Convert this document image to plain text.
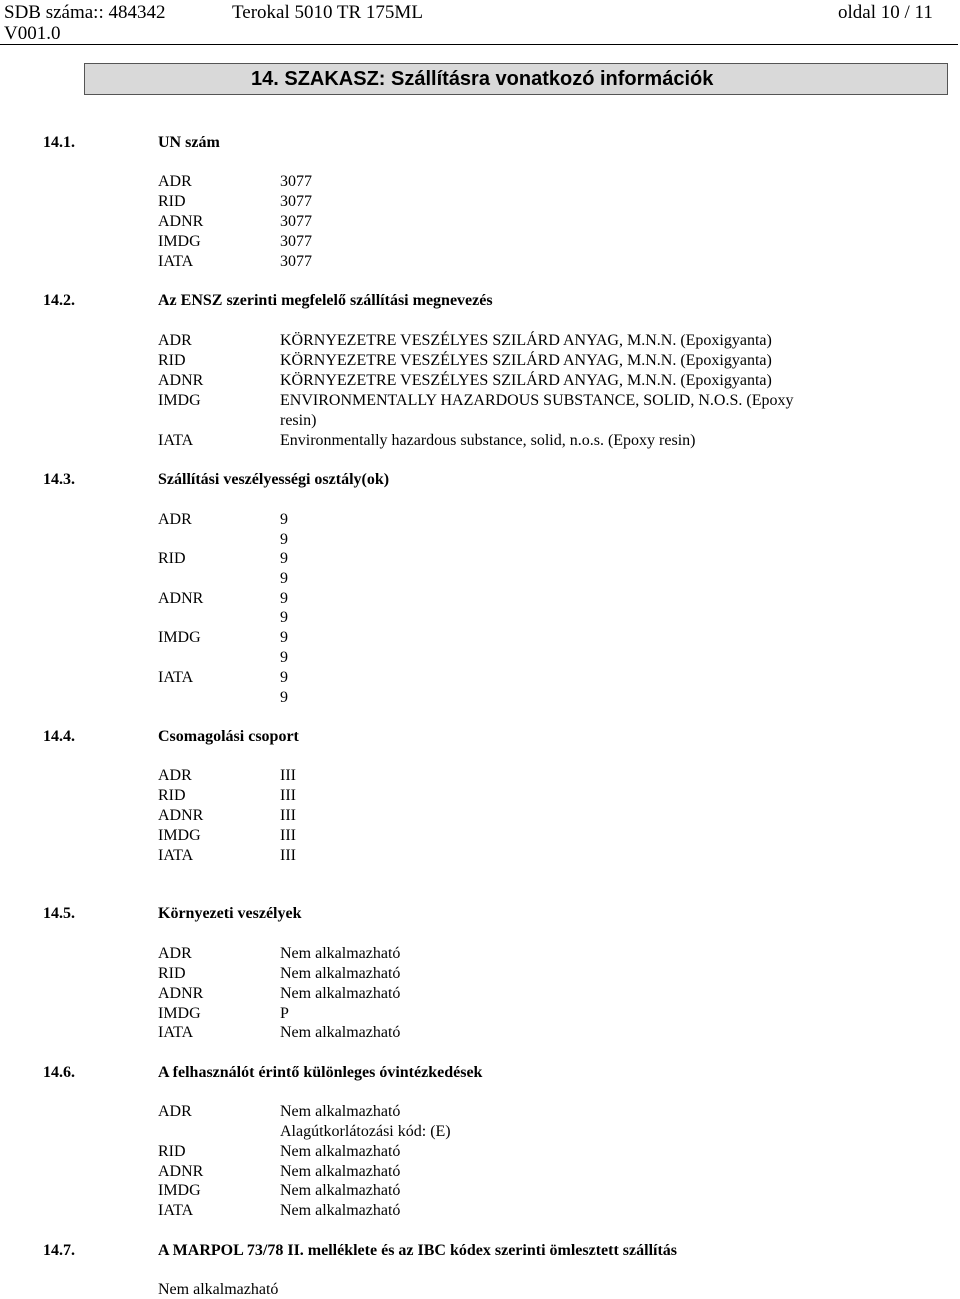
SDB száma:: 484342	Terokal 5010 TR 175ML	oldal 10 / 11
V001.0
14. SZAKASZ: Szállításra vonatkozó információk
14.1.	UN szám
ADR	3077
RID	3077
ADNR	3077
IMDG	3077
IATA	3077
14.2.	Az ENSZ szerinti megfelelő szállítási megnevezés
ADR	KÖRNYEZETRE VESZÉLYES SZILÁRD ANYAG, M.N.N. (Epoxigyanta)
RID	KÖRNYEZETRE VESZÉLYES SZILÁRD ANYAG, M.N.N. (Epoxigyanta)
ADNR	KÖRNYEZETRE VESZÉLYES SZILÁRD ANYAG, M.N.N. (Epoxigyanta)
IMDG	ENVIRONMENTALLY HAZARDOUS SUBSTANCE, SOLID, N.O.S. (Epoxy
resin)
IATA	Environmentally hazardous substance, solid, n.o.s. (Epoxy resin)
14.3.	Szállítási veszélyességi osztály(ok)
ADR	9
9
RID	9
9
ADNR	9
9
IMDG	9
9
IATA	9
9
14.4.	Csomagolási csoport
ADR	III
RID	III
ADNR	III
IMDG	III
IATA	III
14.5.	Környezeti veszélyek
ADR	Nem alkalmazható
RID	Nem alkalmazható
ADNR	Nem alkalmazható
IMDG	P
IATA	Nem alkalmazható
14.6.	A felhasználót érintő különleges óvintézkedések
ADR	Nem alkalmazható
Alagútkorlátozási kód: (E)
RID	Nem alkalmazható
ADNR	Nem alkalmazható
IMDG	Nem alkalmazható
IATA	Nem alkalmazható
14.7.	A MARPOL 73/78 II. melléklete és az IBC kódex szerinti ömlesztett szállítás
Nem alkalmazható
